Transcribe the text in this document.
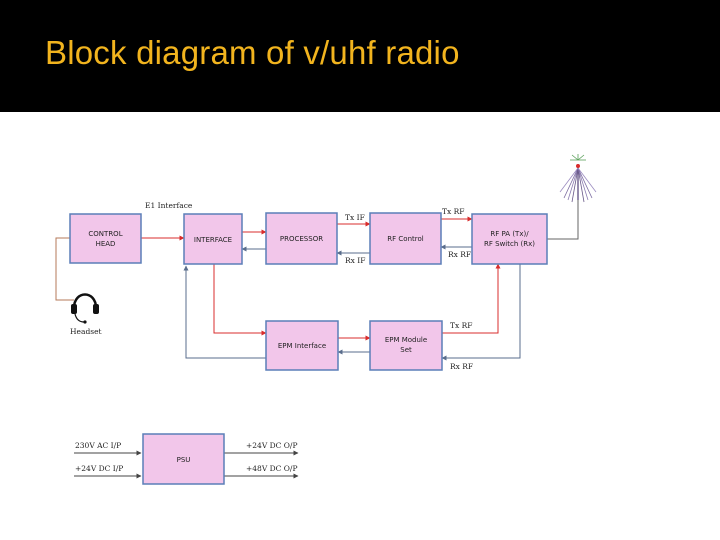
Block diagram of v/uhf radio
CONTROL
HEAD	INTERFACE	PROCESSOR	RF Control
RF PA (Tx)/
RF Switch (Rx)
EPM Interface
EPM Module
Set
PSU
E1 Interface
Tx IF
Rx IF
Tx RF
Rx RF
Tx RF
Rx RF
Headset
230V AC I/P
+24V DC I/P
+24V DC O/P
+48V DC O/P
